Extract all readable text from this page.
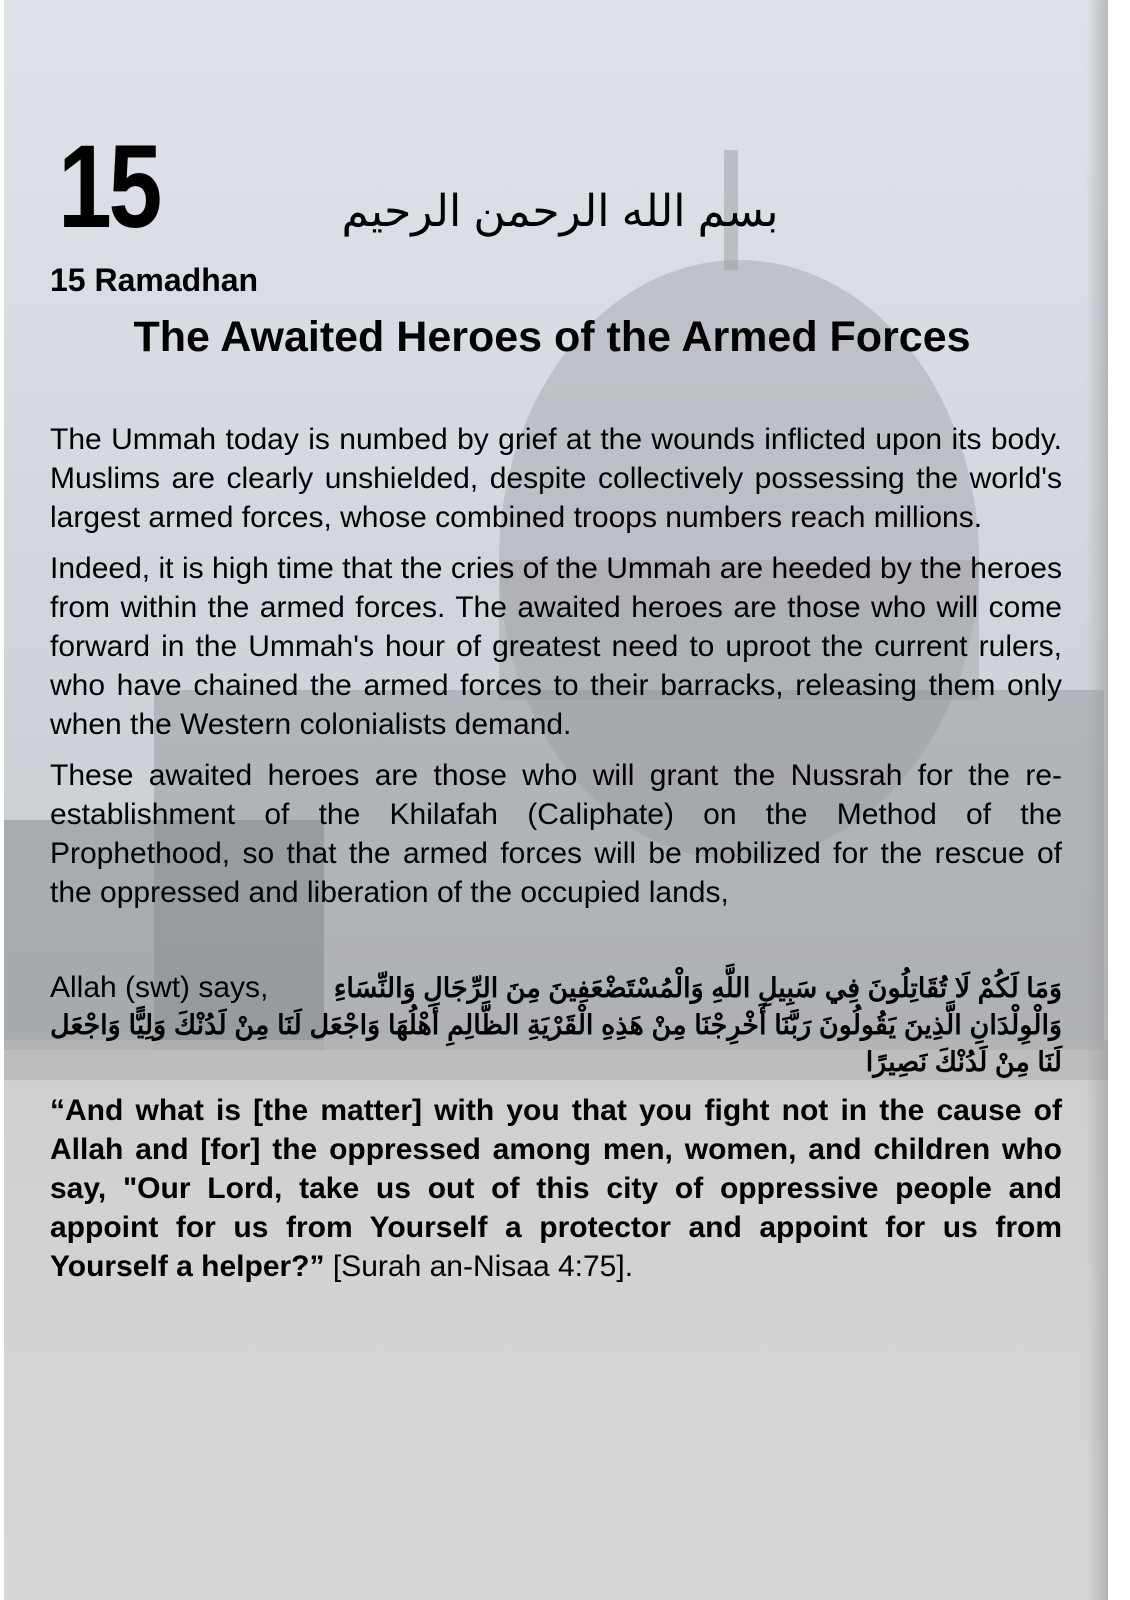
15	بسم الله الرحمن الرحيم
15 Ramadhan
The Awaited Heroes of the Armed Forces

The Ummah today is numbed by grief at the wounds inflicted upon its body. Muslims are clearly unshielded, despite collectively possessing the world's largest armed forces, whose combined troops numbers reach millions.

Indeed, it is high time that the cries of the Ummah are heeded by the heroes from within the armed forces. The awaited heroes are those who will come forward in the Ummah's hour of greatest need to uproot the current rulers, who have chained the armed forces to their barracks, releasing them only when the Western colonialists demand.

These awaited heroes are those who will grant the Nussrah for the re-establishment of the Khilafah (Caliphate) on the Method of the Prophethood, so that the armed forces will be mobilized for the rescue of the oppressed and liberation of the occupied lands,

Allah (swt) says, وَمَا لَكُمْ لَا تُقَاتِلُونَ فِي سَبِيلِ اللَّهِ وَالْمُسْتَضْعَفِينَ مِنَ الرِّجَالِ وَالنِّسَاءِ

وَالْوِلْدَانِ الَّذِينَ يَقُولُونَ رَبَّنَا أَخْرِجْنَا مِنْ هَذِهِ الْقَرْيَةِ الظَّالِمِ أَهْلُهَا وَاجْعَل لَنَا مِنْ لَدُنْكَ وَلِيًّا وَاجْعَل لَنَا مِنْ لَدُنْكَ نَصِيرًا

“And what is [the matter] with you that you fight not in the cause of Allah and [for] the oppressed among men, women, and children who say, "Our Lord, take us out of this city of oppressive people and appoint for us from Yourself a protector and appoint for us from Yourself a helper?” [Surah an-Nisaa 4:75].
